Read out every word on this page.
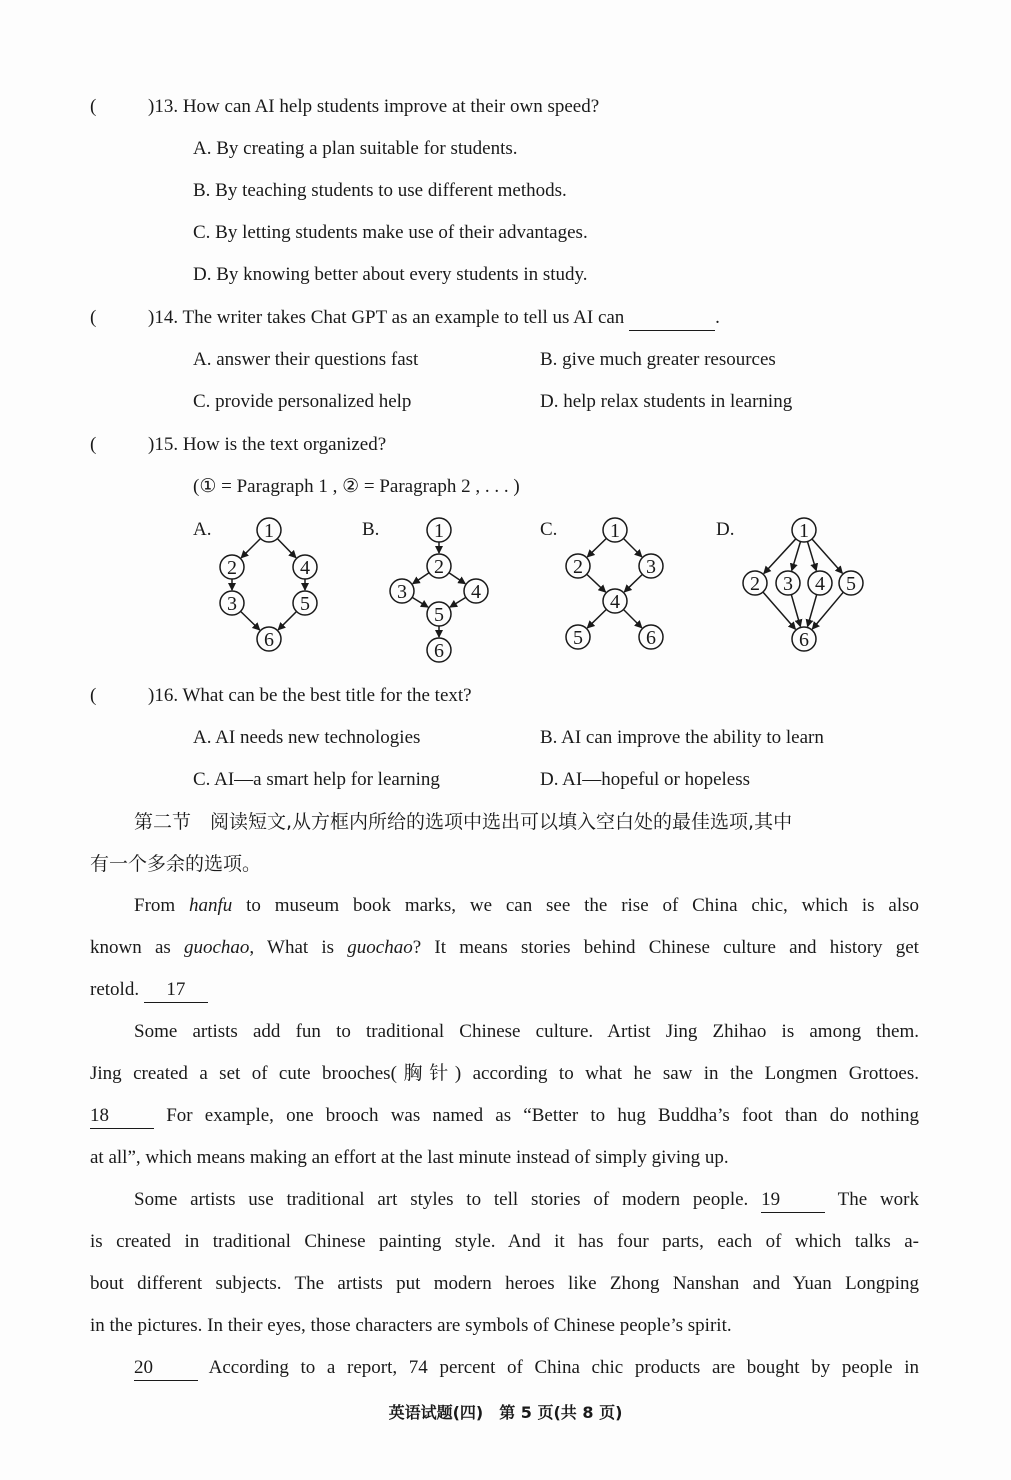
(	)13. How can AI help students improve at their own speed?
A. By creating a plan suitable for students.
B. By teaching students to use different methods.
C. By letting students make use of their advantages.
D. By knowing better about every students in study.
(	)14. The writer takes Chat GPT as an example to tell us AI can	.
A. answer their questions fast	B. give much greater resources
C. provide personalized help	D. help relax students in learning
(	)15. How is the text organized?
(① = Paragraph 1 , ② = Paragraph 2 , . . . )
A.	B.	C.	D.
1
2
3
4
5
6
1
2
3	4
5
6
1
2	3
4
5	6
1
2 3 4 5
6
(	)16. What can be the best title for the text?
A. AI needs new technologies	B. AI can improve the ability to learn
C. AI—a smart help for learning	D. AI—hopeful or hopeless
第二节　阅读短文,从方框内所给的选项中选出可以填入空白处的最佳选项,其中
有一个多余的选项。
From hanfu to museum book marks, we can see the rise of China chic, which is also
known as guochao, What is guochao? It means stories behind Chinese culture and history get
retold. 17
Some artists add fun to traditional Chinese culture. Artist Jing Zhihao is among them.
Jing created a set of cute brooches(胸针) according to what he saw in the Longmen Grottoes.
18	For example, one brooch was named as “Better to hug Buddha’s foot than do nothing
at all”, which means making an effort at the last minute instead of simply giving up.
Some artists use traditional art styles to tell stories of modern people. 19	The work
is created in traditional Chinese painting style. And it has four parts, each of which talks a-
bout different subjects. The artists put modern heroes like Zhong Nanshan and Yuan Longping
in the pictures. In their eyes, those characters are symbols of Chinese people’s spirit.
20	According to a report, 74 percent of China chic products are bought by people in
英语试题(四)　第 5 页(共 8 页)
